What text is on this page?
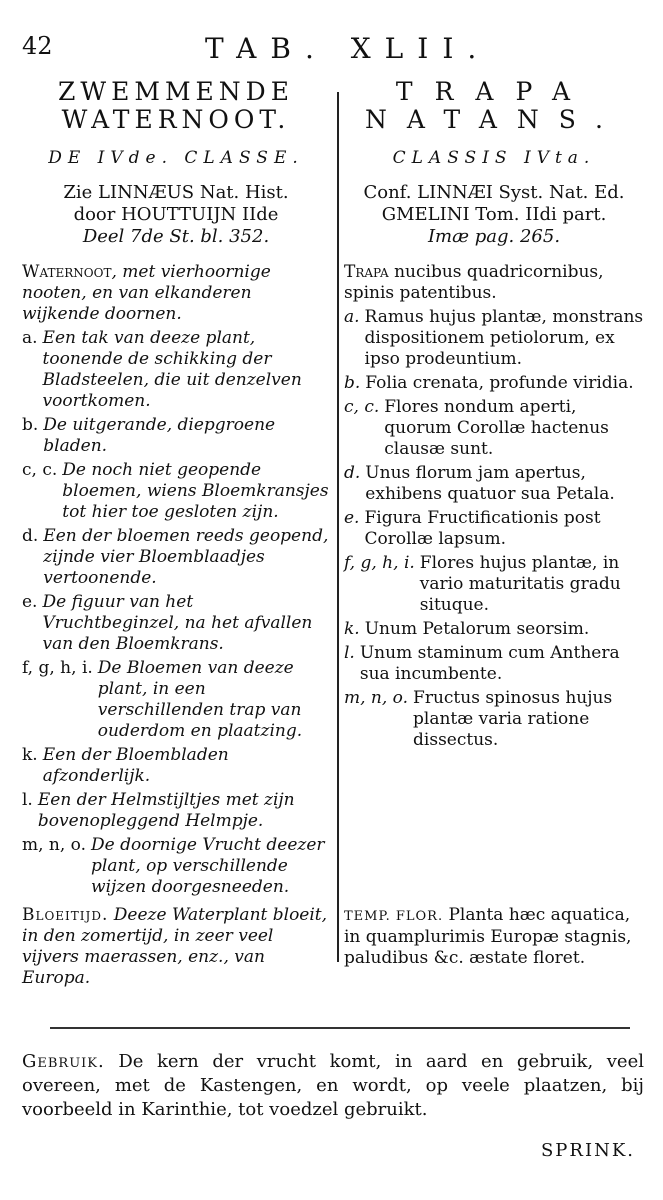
42	TAB. XLII.
ZWEMMENDE
WATERNOOT.
DE IVde. CLASSE.
Zie LINNÆUS Nat. Hist.
door HOUTTUIJN IIde
Deel 7de St. bl. 352.
Waternoot, met vierhoornige nooten, en van elkanderen wijkende doornen.
a. Een tak van deeze plant, toonende de schikking der Bladsteelen, die uit denzelven voortkomen.
b. De uitgerande, diepgroene bladen.
c, c. De noch niet geopende bloemen, wiens Bloemkransjes tot hier toe gesloten zijn.
d. Een der bloemen reeds geopend, zijnde vier Bloemblaadjes vertoonende.
e. De figuur van het Vruchtbeginzel, na het afvallen van den Bloemkrans.
f, g, h, i. De Bloemen van deeze plant, in een verschillenden trap van ouderdom en plaatzing.
k. Een der Bloembladen afzonderlijk.
l. Een der Helmstijltjes met zijn bovenopleggend Helmpje.
m, n, o. De doornige Vrucht deezer plant, op verschillende wijzen doorgesneeden.
TRAPA
NATANS.
CLASSIS IVta.
Conf. LINNÆI Syst. Nat. Ed.
GMELINI Tom. IIdi part.
Imæ pag. 265.
Trapa nucibus quadricornibus, spinis patentibus.
a. Ramus hujus plantæ, monstrans dispositionem petiolorum, ex ipso prodeuntium.
b. Folia crenata, profunde viridia.
c, c. Flores nondum aperti, quorum Corollæ hactenus clausæ sunt.
d. Unus florum jam apertus, exhibens quatuor sua Petala.
e. Figura Fructificationis post Corollæ lapsum.
f, g, h, i. Flores hujus plantæ, in vario maturitatis gradu situque.
k. Unum Petalorum seorsim.
l. Unum staminum cum Anthera sua incumbente.
m, n, o. Fructus spinosus hujus plantæ varia ratione dissectus.
Bloeitijd. Deeze Waterplant bloeit, in den zomertijd, in zeer veel vijvers maerassen, enz., van Europa.
TEMP. FLOR. Planta hæc aquatica, in quamplurimis Europæ stagnis, paludibus &c. æstate floret.
Gebruik. De kern der vrucht komt, in aard en gebruik, veel overeen, met de Kastengen, en wordt, op veele plaatzen, bij voorbeeld in Karinthie, tot voedzel gebruikt.
SPRINK.
